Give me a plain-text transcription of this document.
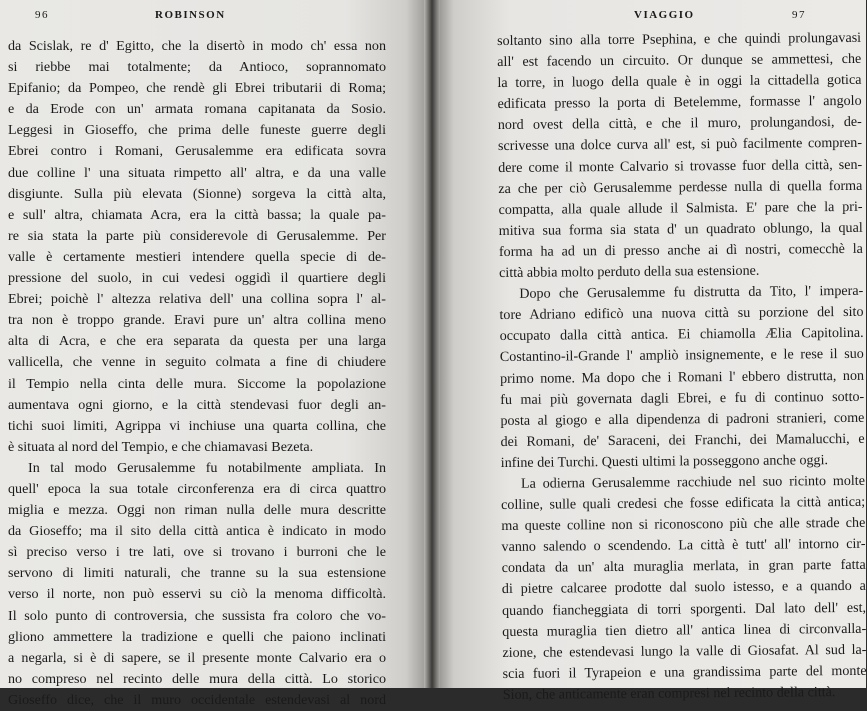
96	ROBINSON
da Scislak, re d' Egitto, che la disertò in modo ch' essa non
si riebbe mai totalmente; da Antioco, soprannomato
Epifanio; da Pompeo, che rendè gli Ebrei tributarii di Roma;
e da Erode con un' armata romana capitanata da Sosio.
Leggesi in Gioseffo, che prima delle funeste guerre degli
Ebrei contro i Romani, Gerusalemme era edificata sovra
due colline l' una situata rimpetto all' altra, e da una valle
disgiunte. Sulla più elevata (Sionne) sorgeva la città alta,
e sull' altra, chiamata Acra, era la città bassa; la quale pa-
re sia stata la parte più considerevole di Gerusalemme. Per
valle è certamente mestieri intendere quella specie di de-
pressione del suolo, in cui vedesi oggidì il quartiere degli
Ebrei; poichè l' altezza relativa dell' una collina sopra l' al-
tra non è troppo grande. Eravi pure un' altra collina meno
alta di Acra, e che era separata da questa per una larga
vallicella, che venne in seguito colmata a fine di chiudere
il Tempio nella cinta delle mura. Siccome la popolazione
aumentava ogni giorno, e la città stendevasi fuor degli an-
tichi suoi limiti, Agrippa vi inchiuse una quarta collina, che
è situata al nord del Tempio, e che chiamavasi Bezeta.
In tal modo Gerusalemme fu notabilmente ampliata. In
quell' epoca la sua totale circonferenza era di circa quattro
miglia e mezza. Oggi non riman nulla delle mura descritte
da Gioseffo; ma il sito della città antica è indicato in modo
sì preciso verso i tre lati, ove si trovano i burroni che le
servono di limiti naturali, che tranne su la sua estensione
verso il norte, non può esservi su ciò la menoma difficoltà.
Il solo punto di controversia, che sussista fra coloro che vo-
gliono ammettere la tradizione e quelli che paiono inclinati
a negarla, si è di sapere, se il presente monte Calvario era o
no compreso nel recinto delle mura della città. Lo storico
Gioseffo dice, che il muro occidentale estendevasi al nord
VIAGGIO	97
soltanto sino alla torre Psephina, e che quindi prolungavasi
all' est facendo un circuito. Or dunque se ammettesi, che
la torre, in luogo della quale è in oggi la cittadella gotica
edificata presso la porta di Betelemme, formasse l' angolo
nord ovest della città, e che il muro, prolungandosi, de-
scrivesse una dolce curva all' est, si può facilmente compren-
dere come il monte Calvario si trovasse fuor della città, sen-
za che per ciò Gerusalemme perdesse nulla di quella forma
compatta, alla quale allude il Salmista. E' pare che la pri-
mitiva sua forma sia stata d' un quadrato oblungo, la qual
forma ha ad un di presso anche ai dì nostri, comecchè la
città abbia molto perduto della sua estensione.
Dopo che Gerusalemme fu distrutta da Tito, l' impera-
tore Adriano edificò una nuova città su porzione del sito
occupato dalla città antica. Ei chiamolla Ælia Capitolina.
Costantino-il-Grande l' ampliò insignemente, e le rese il suo
primo nome. Ma dopo che i Romani l' ebbero distrutta, non
fu mai più governata dagli Ebrei, e fu di continuo sotto-
posta al giogo e alla dipendenza di padroni stranieri, come
dei Romani, de' Saraceni, dei Franchi, dei Mamalucchi, e
infine dei Turchi. Questi ultimi la posseggono anche oggi.
La odierna Gerusalemme racchiude nel suo ricinto molte
colline, sulle quali credesi che fosse edificata la città antica;
ma queste colline non si riconoscono più che alle strade che
vanno salendo o scendendo. La città è tutt' all' intorno cir-
condata da un' alta muraglia merlata, in gran parte fatta
di pietre calcaree prodotte dal suolo istesso, e a quando a
quando fiancheggiata di torri sporgenti. Dal lato dell' est,
questa muraglia tien dietro all' antica linea di circonvalla-
zione, che estendevasi lungo la valle di Giosafat. Al sud la-
scia fuori il Tyrapeion e una grandissima parte del monte
Sion, che anticamente eran compresi nel recinto della città.
